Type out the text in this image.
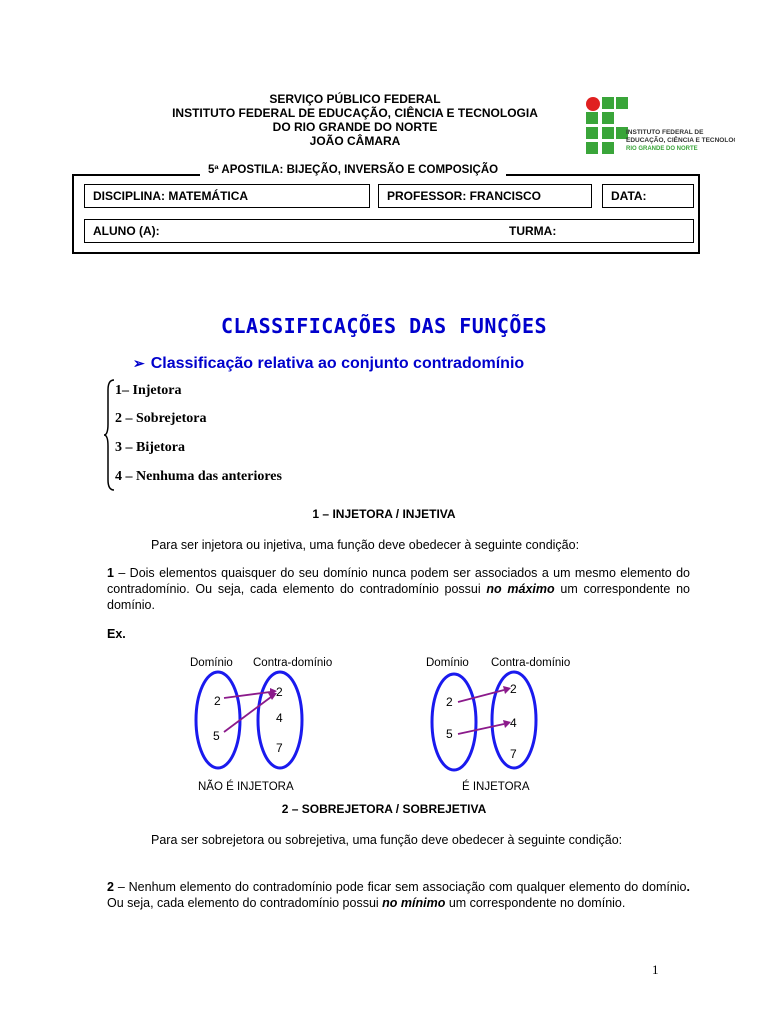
SERVIÇO PÚBLICO FEDERAL
INSTITUTO FEDERAL DE EDUCAÇÃO, CIÊNCIA E TECNOLOGIA
DO RIO GRANDE DO NORTE
JOÃO CÂMARA
INSTITUTO FEDERAL DE
EDUCAÇÃO, CIÊNCIA E TECNOLOGIA
RIO GRANDE DO NORTE
5ª APOSTILA: BIJEÇÃO, INVERSÃO E COMPOSIÇÃO
DISCIPLINA: MATEMÁTICA	PROFESSOR: FRANCISCO	DATA:
ALUNO (A):	TURMA:
CLASSIFICAÇÕES DAS FUNÇÕES
➢ Classificação relativa ao conjunto contradomínio
1– Injetora
2 – Sobrejetora
3 – Bijetora
4 – Nenhuma das anteriores
1 – INJETORA / INJETIVA
Para ser injetora ou injetiva, uma função deve obedecer à seguinte condição:
1 – Dois elementos quaisquer do seu domínio nunca podem ser associados a um mesmo elemento do contradomínio. Ou seja, cada elemento do contradomínio possui no máximo um correspondente no domínio.
Ex.
Domínio Contra-domínio
2
5
2
4
7
NÃO É INJETORA
Domínio Contra-domínio
2
5
2
4
7
É INJETORA
2 – SOBREJETORA / SOBREJETIVA
Para ser sobrejetora ou sobrejetiva, uma função deve obedecer à seguinte condição:
2 – Nenhum elemento do contradomínio pode ficar sem associação com qualquer elemento do domínio. Ou seja, cada elemento do contradomínio possui no mínimo um correspondente no domínio.
1
